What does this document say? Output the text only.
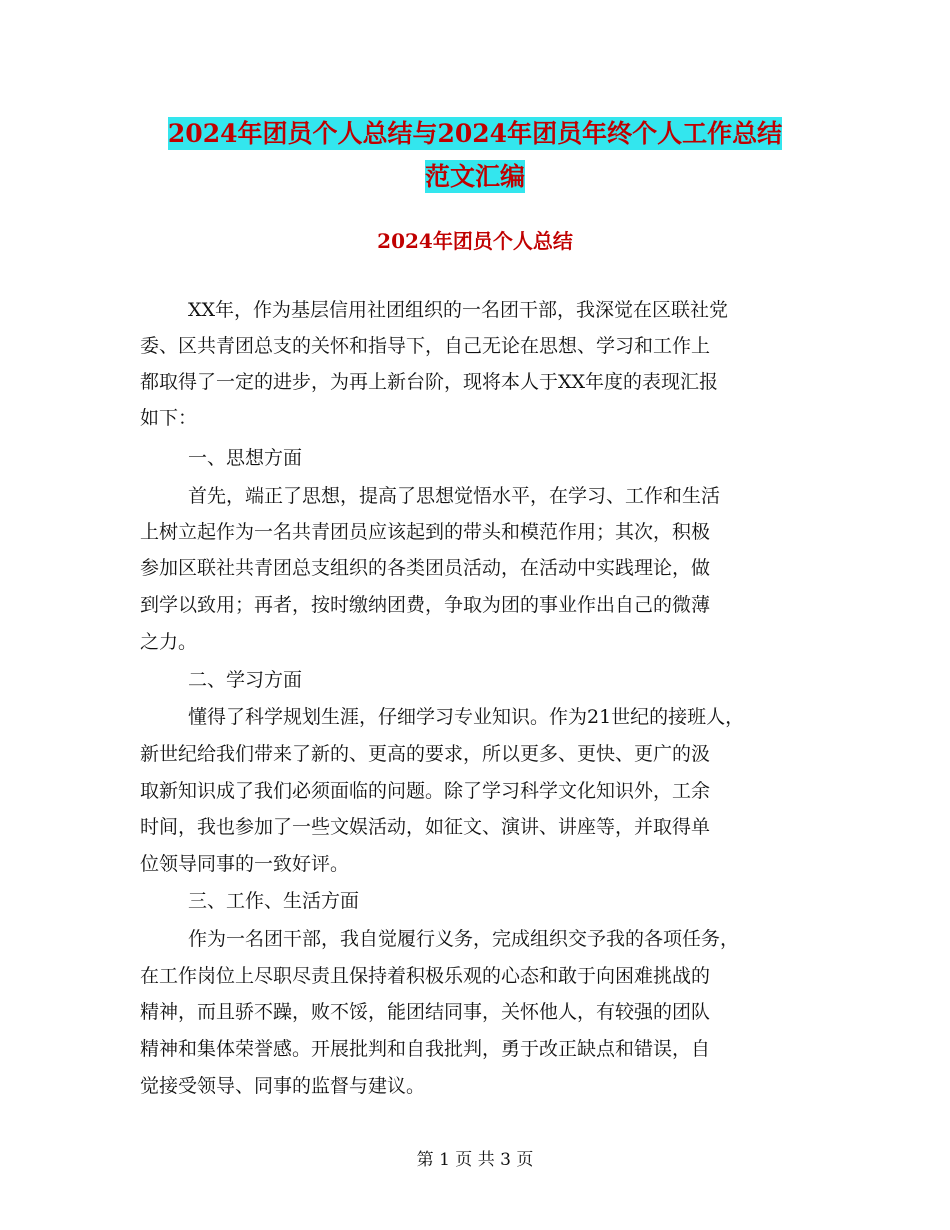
2024年团员个人总结与2024年团员年终个人工作总结
范文汇编
2024年团员个人总结
XX年，作为基层信用社团组织的一名团干部，我深觉在区联社党
委、区共青团总支的关怀和指导下，自己无论在思想、学习和工作上
都取得了一定的进步，为再上新台阶，现将本人于XX年度的表现汇报
如下：
一、思想方面
首先，端正了思想，提高了思想觉悟水平，在学习、工作和生活
上树立起作为一名共青团员应该起到的带头和模范作用；其次，积极
参加区联社共青团总支组织的各类团员活动，在活动中实践理论，做
到学以致用；再者，按时缴纳团费，争取为团的事业作出自己的微薄
之力。
二、学习方面
懂得了科学规划生涯，仔细学习专业知识。作为21世纪的接班人，
新世纪给我们带来了新的、更高的要求，所以更多、更快、更广的汲
取新知识成了我们必须面临的问题。除了学习科学文化知识外，工余
时间，我也参加了一些文娱活动，如征文、演讲、讲座等，并取得单
位领导同事的一致好评。
三、工作、生活方面
作为一名团干部，我自觉履行义务，完成组织交予我的各项任务，
在工作岗位上尽职尽责且保持着积极乐观的心态和敢于向困难挑战的
精神，而且骄不躁，败不馁，能团结同事，关怀他人，有较强的团队
精神和集体荣誉感。开展批判和自我批判，勇于改正缺点和错误，自
觉接受领导、同事的监督与建议。
第 1 页 共 3 页
